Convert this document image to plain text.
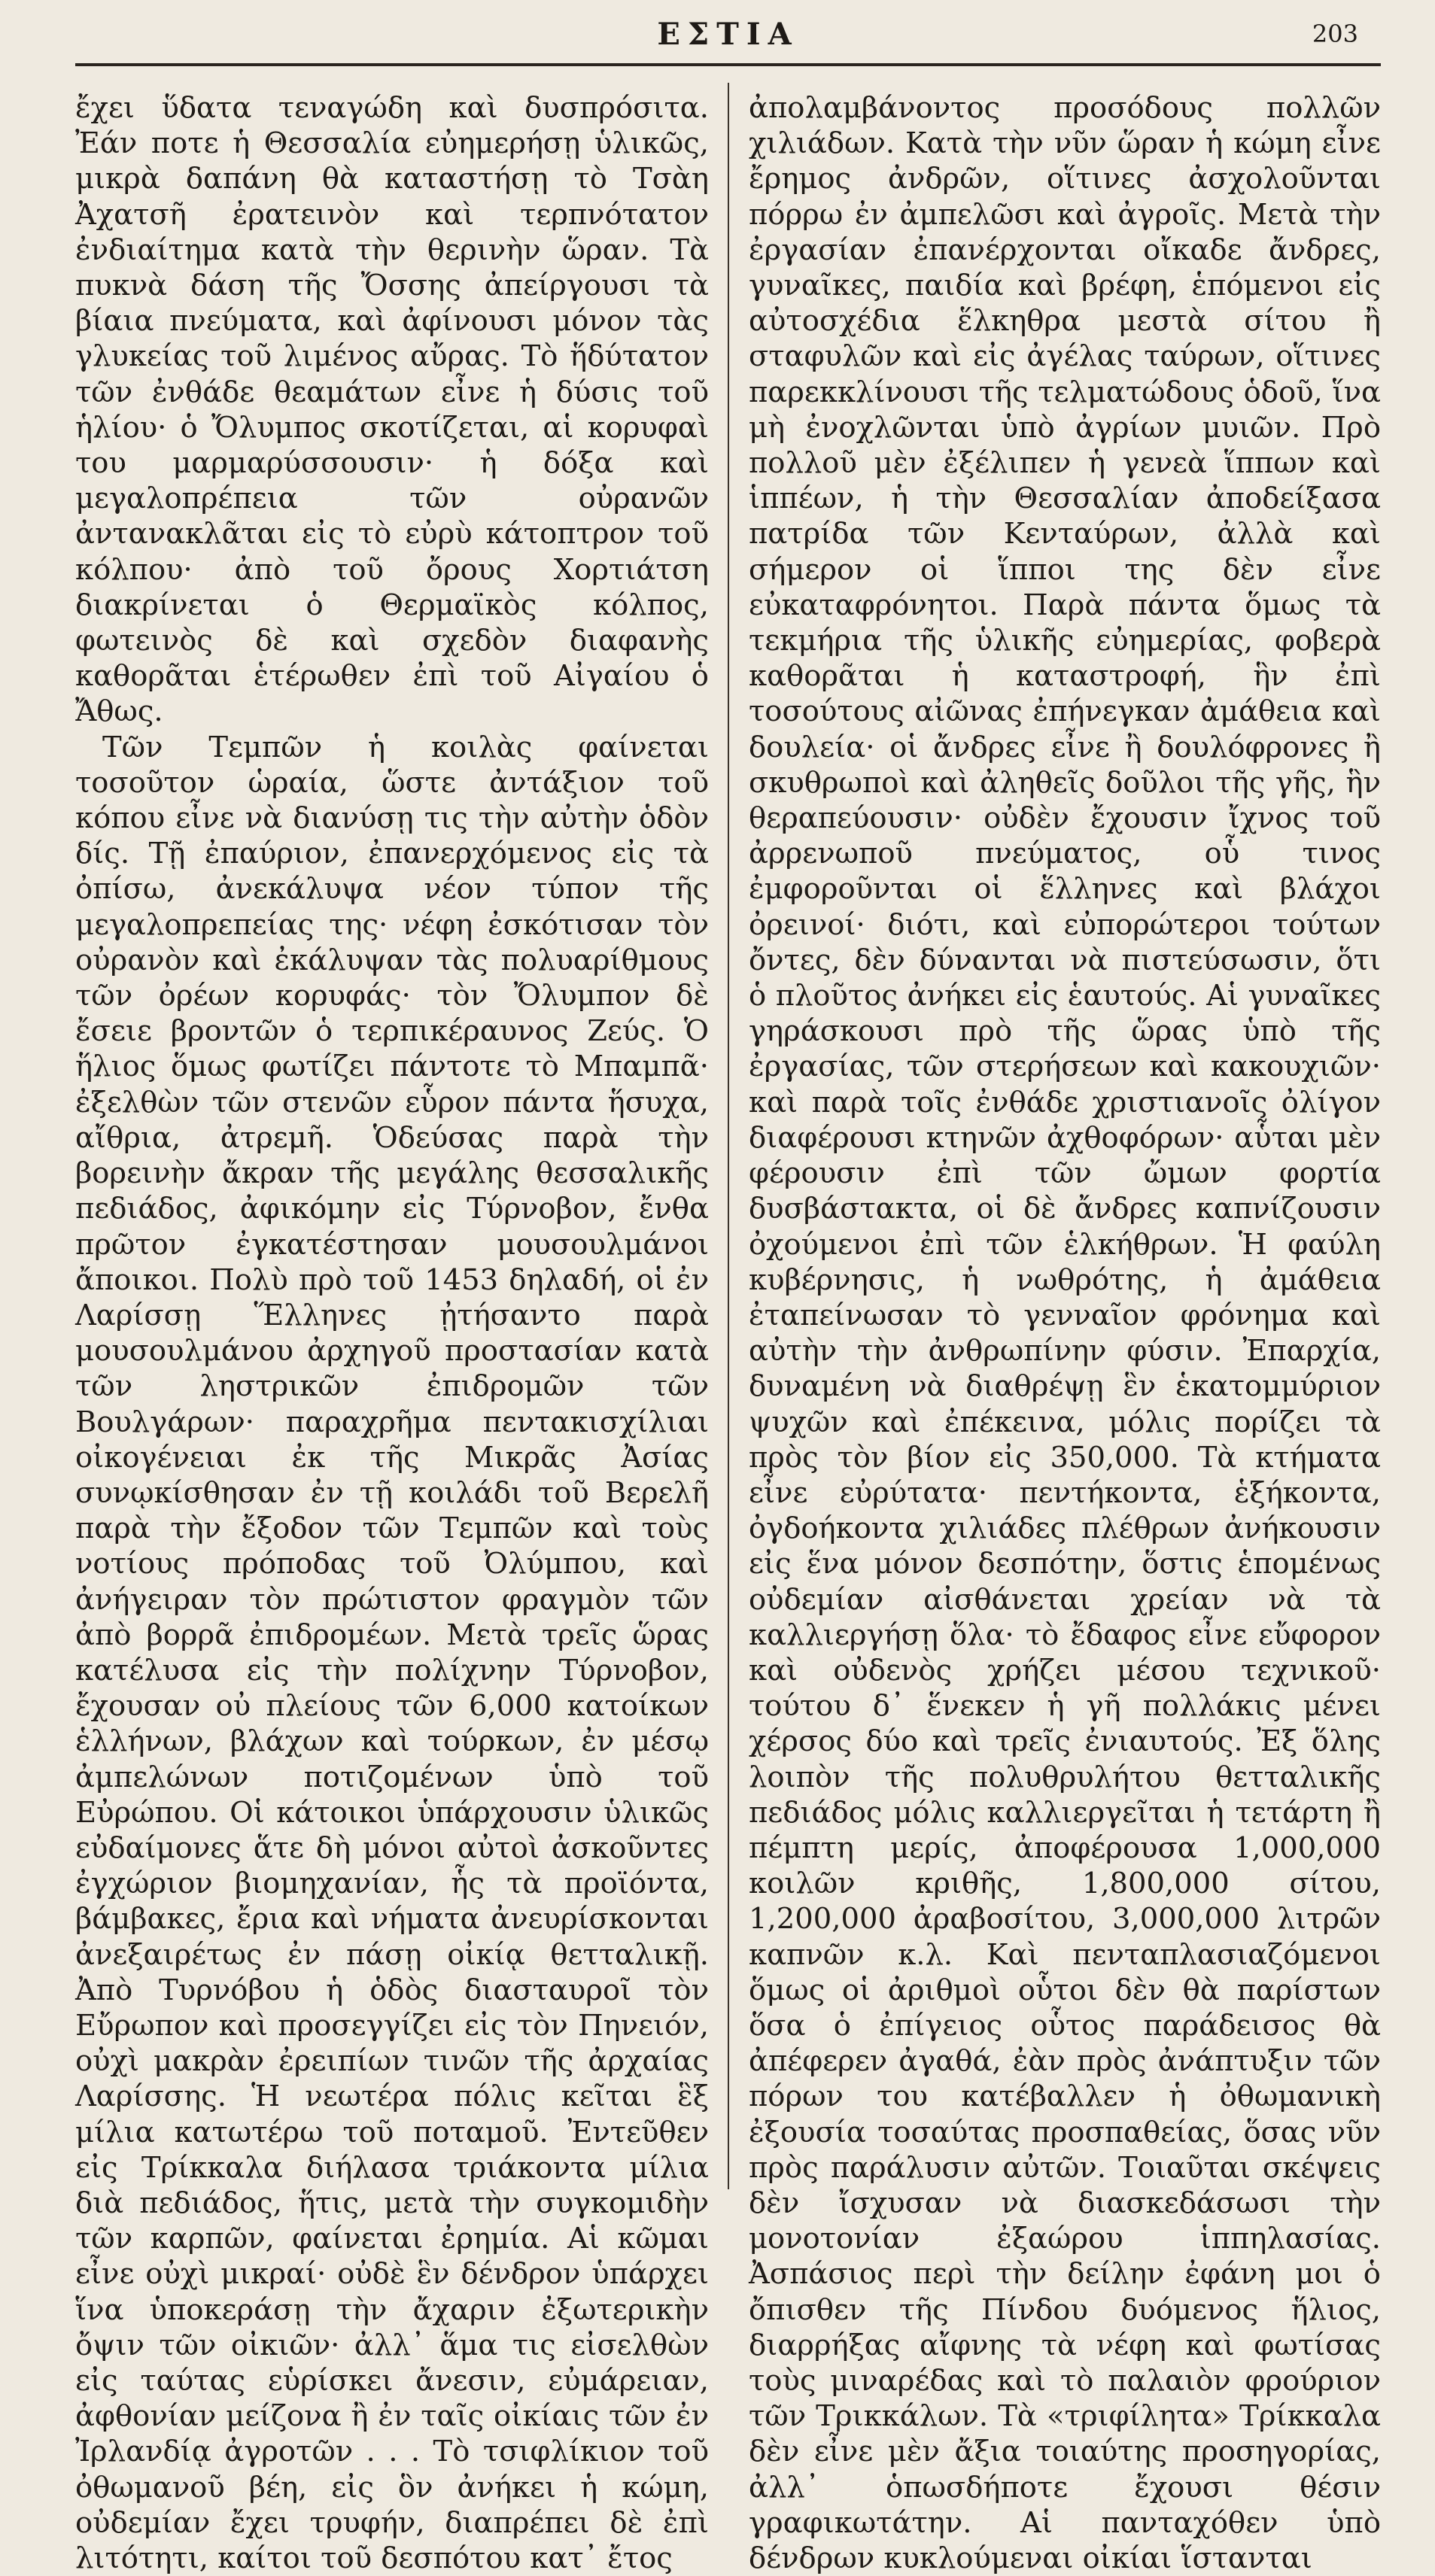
ΕΣΤΙΑ	203

ἔχει ὕδατα τεναγώδη καὶ δυσπρόσιτα. Ἐάν ποτε ἡ Θεσσαλία εὐημερήσῃ ὑλικῶς, μικρὰ δαπάνη θὰ καταστήσῃ τὸ Τσὰη Ἀχατσῆ ἐρατεινὸν καὶ τερπνότατον ἐνδιαίτημα κατὰ τὴν θερινὴν ὥραν. Τὰ πυκνὰ δάση τῆς Ὄσσης ἀπείργουσι τὰ βίαια πνεύματα, καὶ ἀφίνουσι μόνον τὰς γλυκείας τοῦ λιμένος αὔρας. Τὸ ἥδύτατον τῶν ἐνθάδε θεαμάτων εἶνε ἡ δύσις τοῦ ἡλίου· ὁ Ὄλυμπος σκοτίζεται, αἱ κορυφαὶ του μαρμαρύσσουσιν· ἡ δόξα καὶ μεγαλοπρέπεια τῶν οὐρανῶν ἀντανακλᾶται εἰς τὸ εὐρὺ κάτοπτρον τοῦ κόλπου· ἀπὸ τοῦ ὄρους Χορτιάτση διακρίνεται ὁ Θερμαϊκὸς κόλπος, φωτεινὸς δὲ καὶ σχεδὸν διαφανὴς καθορᾶται ἑτέρωθεν ἐπὶ τοῦ Αἰγαίου ὁ Ἄθως.

Τῶν Τεμπῶν ἡ κοιλὰς φαίνεται τοσοῦτον ὡραία, ὥστε ἀντάξιον τοῦ κόπου εἶνε νὰ διανύσῃ τις τὴν αὐτὴν ὁδὸν δίς. Τῇ ἐπαύριον, ἐπανερχόμενος εἰς τὰ ὀπίσω, ἀνεκάλυψα νέον τύπον τῆς μεγαλοπρεπείας της· νέφη ἐσκότισαν τὸν οὐρανὸν καὶ ἐκάλυψαν τὰς πολυαρίθμους τῶν ὀρέων κορυφάς· τὸν Ὄλυμπον δὲ ἔσειε βροντῶν ὁ τερπικέραυνος Ζεύς. Ὁ ἥλιος ὅμως φωτίζει πάντοτε τὸ Μπαμπᾶ· ἐξελθὼν τῶν στενῶν εὗρον πάντα ἥσυχα, αἴθρια, ἀτρεμῆ. Ὁδεύσας παρὰ τὴν βορεινὴν ἄκραν τῆς μεγάλης θεσσαλικῆς πεδιάδος, ἀφικόμην εἰς Τύρνοβον, ἔνθα πρῶτον ἐγκατέστησαν μουσουλμάνοι ἄποικοι. Πολὺ πρὸ τοῦ 1453 δηλαδή, οἱ ἐν Λαρίσσῃ Ἕλληνες ᾐτήσαντο παρὰ μουσουλμάνου ἀρχηγοῦ προστασίαν κατὰ τῶν ληστρικῶν ἐπιδρομῶν τῶν Βουλγάρων· παραχρῆμα πεντακισχίλιαι οἰκογένειαι ἐκ τῆς Μικρᾶς Ἀσίας συνῳκίσθησαν ἐν τῇ κοιλάδι τοῦ Βερελῆ παρὰ τὴν ἔξοδον τῶν Τεμπῶν καὶ τοὺς νοτίους πρόποδας τοῦ Ὀλύμπου, καὶ ἀνήγειραν τὸν πρώτιστον φραγμὸν τῶν ἀπὸ βορρᾶ ἐπιδρομέων. Μετὰ τρεῖς ὥρας κατέλυσα εἰς τὴν πολίχνην Τύρνοβον, ἔχουσαν οὐ πλείους τῶν 6,000 κατοίκων ἑλλήνων, βλάχων καὶ τούρκων, ἐν μέσῳ ἀμπελώνων ποτιζομένων ὑπὸ τοῦ Εὐρώπου. Οἱ κάτοικοι ὑπάρχουσιν ὑλικῶς εὐδαίμονες ἅτε δὴ μόνοι αὐτοὶ ἀσκοῦντες ἐγχώριον βιομηχανίαν, ἧς τὰ προϊόντα, βάμβακες, ἔρια καὶ νήματα ἀνευρίσκονται ἀνεξαιρέτως ἐν πάσῃ οἰκίᾳ θετταλικῇ. Ἀπὸ Τυρνόβου ἡ ὁδὸς διασταυροῖ τὸν Εὔρωπον καὶ προσεγγίζει εἰς τὸν Πηνειόν, οὐχὶ μακρὰν ἐρειπίων τινῶν τῆς ἀρχαίας Λαρίσσης. Ἡ νεωτέρα πόλις κεῖται ἓξ μίλια κατωτέρω τοῦ ποταμοῦ. Ἐντεῦθεν εἰς Τρίκκαλα διήλασα τριάκοντα μίλια διὰ πεδιάδος, ἥτις, μετὰ τὴν συγκομιδὴν τῶν καρπῶν, φαίνεται ἐρημία. Αἱ κῶμαι εἶνε οὐχὶ μικραί· οὐδὲ ἓν δένδρον ὑπάρχει ἵνα ὑποκεράσῃ τὴν ἄχαριν ἐξωτερικὴν ὄψιν τῶν οἰκιῶν· ἀλλ᾽ ἅμα τις εἰσελθὼν εἰς ταύτας εὑρίσκει ἄνεσιν, εὐμάρειαν, ἀφθονίαν μείζονα ἢ ἐν ταῖς οἰκίαις τῶν ἐν Ἰρλανδίᾳ ἀγροτῶν . . . Τὸ τσιφλίκιον τοῦ ὀθωμανοῦ βέη, εἰς ὃν ἀνήκει ἡ κώμη, οὐδεμίαν ἔχει τρυφήν, διαπρέπει δὲ ἐπὶ λιτότητι, καίτοι τοῦ δεσπότου κατ᾽ ἔτος

ἀπολαμβάνοντος προσόδους πολλῶν χιλιάδων. Κατὰ τὴν νῦν ὥραν ἡ κώμη εἶνε ἔρημος ἀνδρῶν, οἵτινες ἀσχολοῦνται πόρρω ἐν ἀμπελῶσι καὶ ἀγροῖς. Μετὰ τὴν ἐργασίαν ἐπανέρχονται οἴκαδε ἄνδρες, γυναῖκες, παιδία καὶ βρέφη, ἑπόμενοι εἰς αὐτοσχέδια ἕλκηθρα μεστὰ σίτου ἢ σταφυλῶν καὶ εἰς ἀγέλας ταύρων, οἵτινες παρεκκλίνουσι τῆς τελματώδους ὁδοῦ, ἵνα μὴ ἐνοχλῶνται ὑπὸ ἀγρίων μυιῶν. Πρὸ πολλοῦ μὲν ἐξέλιπεν ἡ γενεὰ ἵππων καὶ ἱππέων, ἡ τὴν Θεσσαλίαν ἀποδείξασα πατρίδα τῶν Κενταύρων, ἀλλὰ καὶ σήμερον οἱ ἵπποι της δὲν εἶνε εὐκαταφρόνητοι. Παρὰ πάντα ὅμως τὰ τεκμήρια τῆς ὑλικῆς εὐημερίας, φοβερὰ καθορᾶται ἡ καταστροφή, ἣν ἐπὶ τοσούτους αἰῶνας ἐπήνεγκαν ἀμάθεια καὶ δουλεία· οἱ ἄνδρες εἶνε ἢ δουλόφρονες ἢ σκυθρωποὶ καὶ ἀληθεῖς δοῦλοι τῆς γῆς, ἣν θεραπεύουσιν· οὐδὲν ἔχουσιν ἴχνος τοῦ ἀρρενωποῦ πνεύματος, οὗ τινος ἐμφοροῦνται οἱ ἕλληνες καὶ βλάχοι ὀρεινοί· διότι, καὶ εὐπορώτεροι τούτων ὄντες, δὲν δύνανται νὰ πιστεύσωσιν, ὅτι ὁ πλοῦτος ἀνήκει εἰς ἑαυτούς. Αἱ γυναῖκες γηράσκουσι πρὸ τῆς ὥρας ὑπὸ τῆς ἐργασίας, τῶν στερήσεων καὶ κακουχιῶν· καὶ παρὰ τοῖς ἐνθάδε χριστιανοῖς ὀλίγον διαφέρουσι κτηνῶν ἀχθοφόρων· αὗται μὲν φέρουσιν ἐπὶ τῶν ὤμων φορτία δυσβάστακτα, οἱ δὲ ἄνδρες καπνίζουσιν ὀχούμενοι ἐπὶ τῶν ἑλκήθρων. Ἡ φαύλη κυβέρνησις, ἡ νωθρότης, ἡ ἀμάθεια ἐταπείνωσαν τὸ γενναῖον φρόνημα καὶ αὐτὴν τὴν ἀνθρωπίνην φύσιν. Ἐπαρχία, δυναμένη νὰ διαθρέψῃ ἓν ἑκατομμύριον ψυχῶν καὶ ἐπέκεινα, μόλις πορίζει τὰ πρὸς τὸν βίον εἰς 350,000. Τὰ κτήματα εἶνε εὐρύτατα· πεντήκοντα, ἑξήκοντα, ὀγδοήκοντα χιλιάδες πλέθρων ἀνήκουσιν εἰς ἕνα μόνον δεσπότην, ὅστις ἑπομένως οὐδεμίαν αἰσθάνεται χρείαν νὰ τὰ καλλιεργήσῃ ὅλα· τὸ ἔδαφος εἶνε εὔφορον καὶ οὐδενὸς χρήζει μέσου τεχνικοῦ· τούτου δ᾽ ἕνεκεν ἡ γῆ πολλάκις μένει χέρσος δύο καὶ τρεῖς ἐνιαυτούς. Ἐξ ὅλης λοιπὸν τῆς πολυθρυλήτου θετταλικῆς πεδιάδος μόλις καλλιεργεῖται ἡ τετάρτη ἢ πέμπτη μερίς, ἀποφέρουσα 1,000,000 κοιλῶν κριθῆς, 1,800,000 σίτου, 1,200,000 ἀραβοσίτου, 3,000,000 λιτρῶν καπνῶν κ.λ. Καὶ πενταπλασιαζόμενοι ὅμως οἱ ἀριθμοὶ οὗτοι δὲν θὰ παρίστων ὅσα ὁ ἐπίγειος οὗτος παράδεισος θὰ ἀπέφερεν ἀγαθά, ἐὰν πρὸς ἀνάπτυξιν τῶν πόρων του κατέβαλλεν ἡ ὀθωμανικὴ ἐξουσία τοσαύτας προσπαθείας, ὅσας νῦν πρὸς παράλυσιν αὐτῶν. Τοιαῦται σκέψεις δὲν ἴσχυσαν νὰ διασκεδάσωσι τὴν μονοτονίαν ἐξαώρου ἱππηλασίας. Ἀσπάσιος περὶ τὴν δείλην ἐφάνη μοι ὁ ὄπισθεν τῆς Πίνδου δυόμενος ἥλιος, διαρρήξας αἴφνης τὰ νέφη καὶ φωτίσας τοὺς μιναρέδας καὶ τὸ παλαιὸν φρούριον τῶν Τρικκάλων. Τὰ «τριφίλητα» Τρίκκαλα δὲν εἶνε μὲν ἄξια τοιαύτης προσηγορίας, ἀλλ᾽ ὁπωσδήποτε ἔχουσι θέσιν γραφικωτάτην. Αἱ πανταχόθεν ὑπὸ δένδρων κυκλούμεναι οἰκίαι ἵστανται
